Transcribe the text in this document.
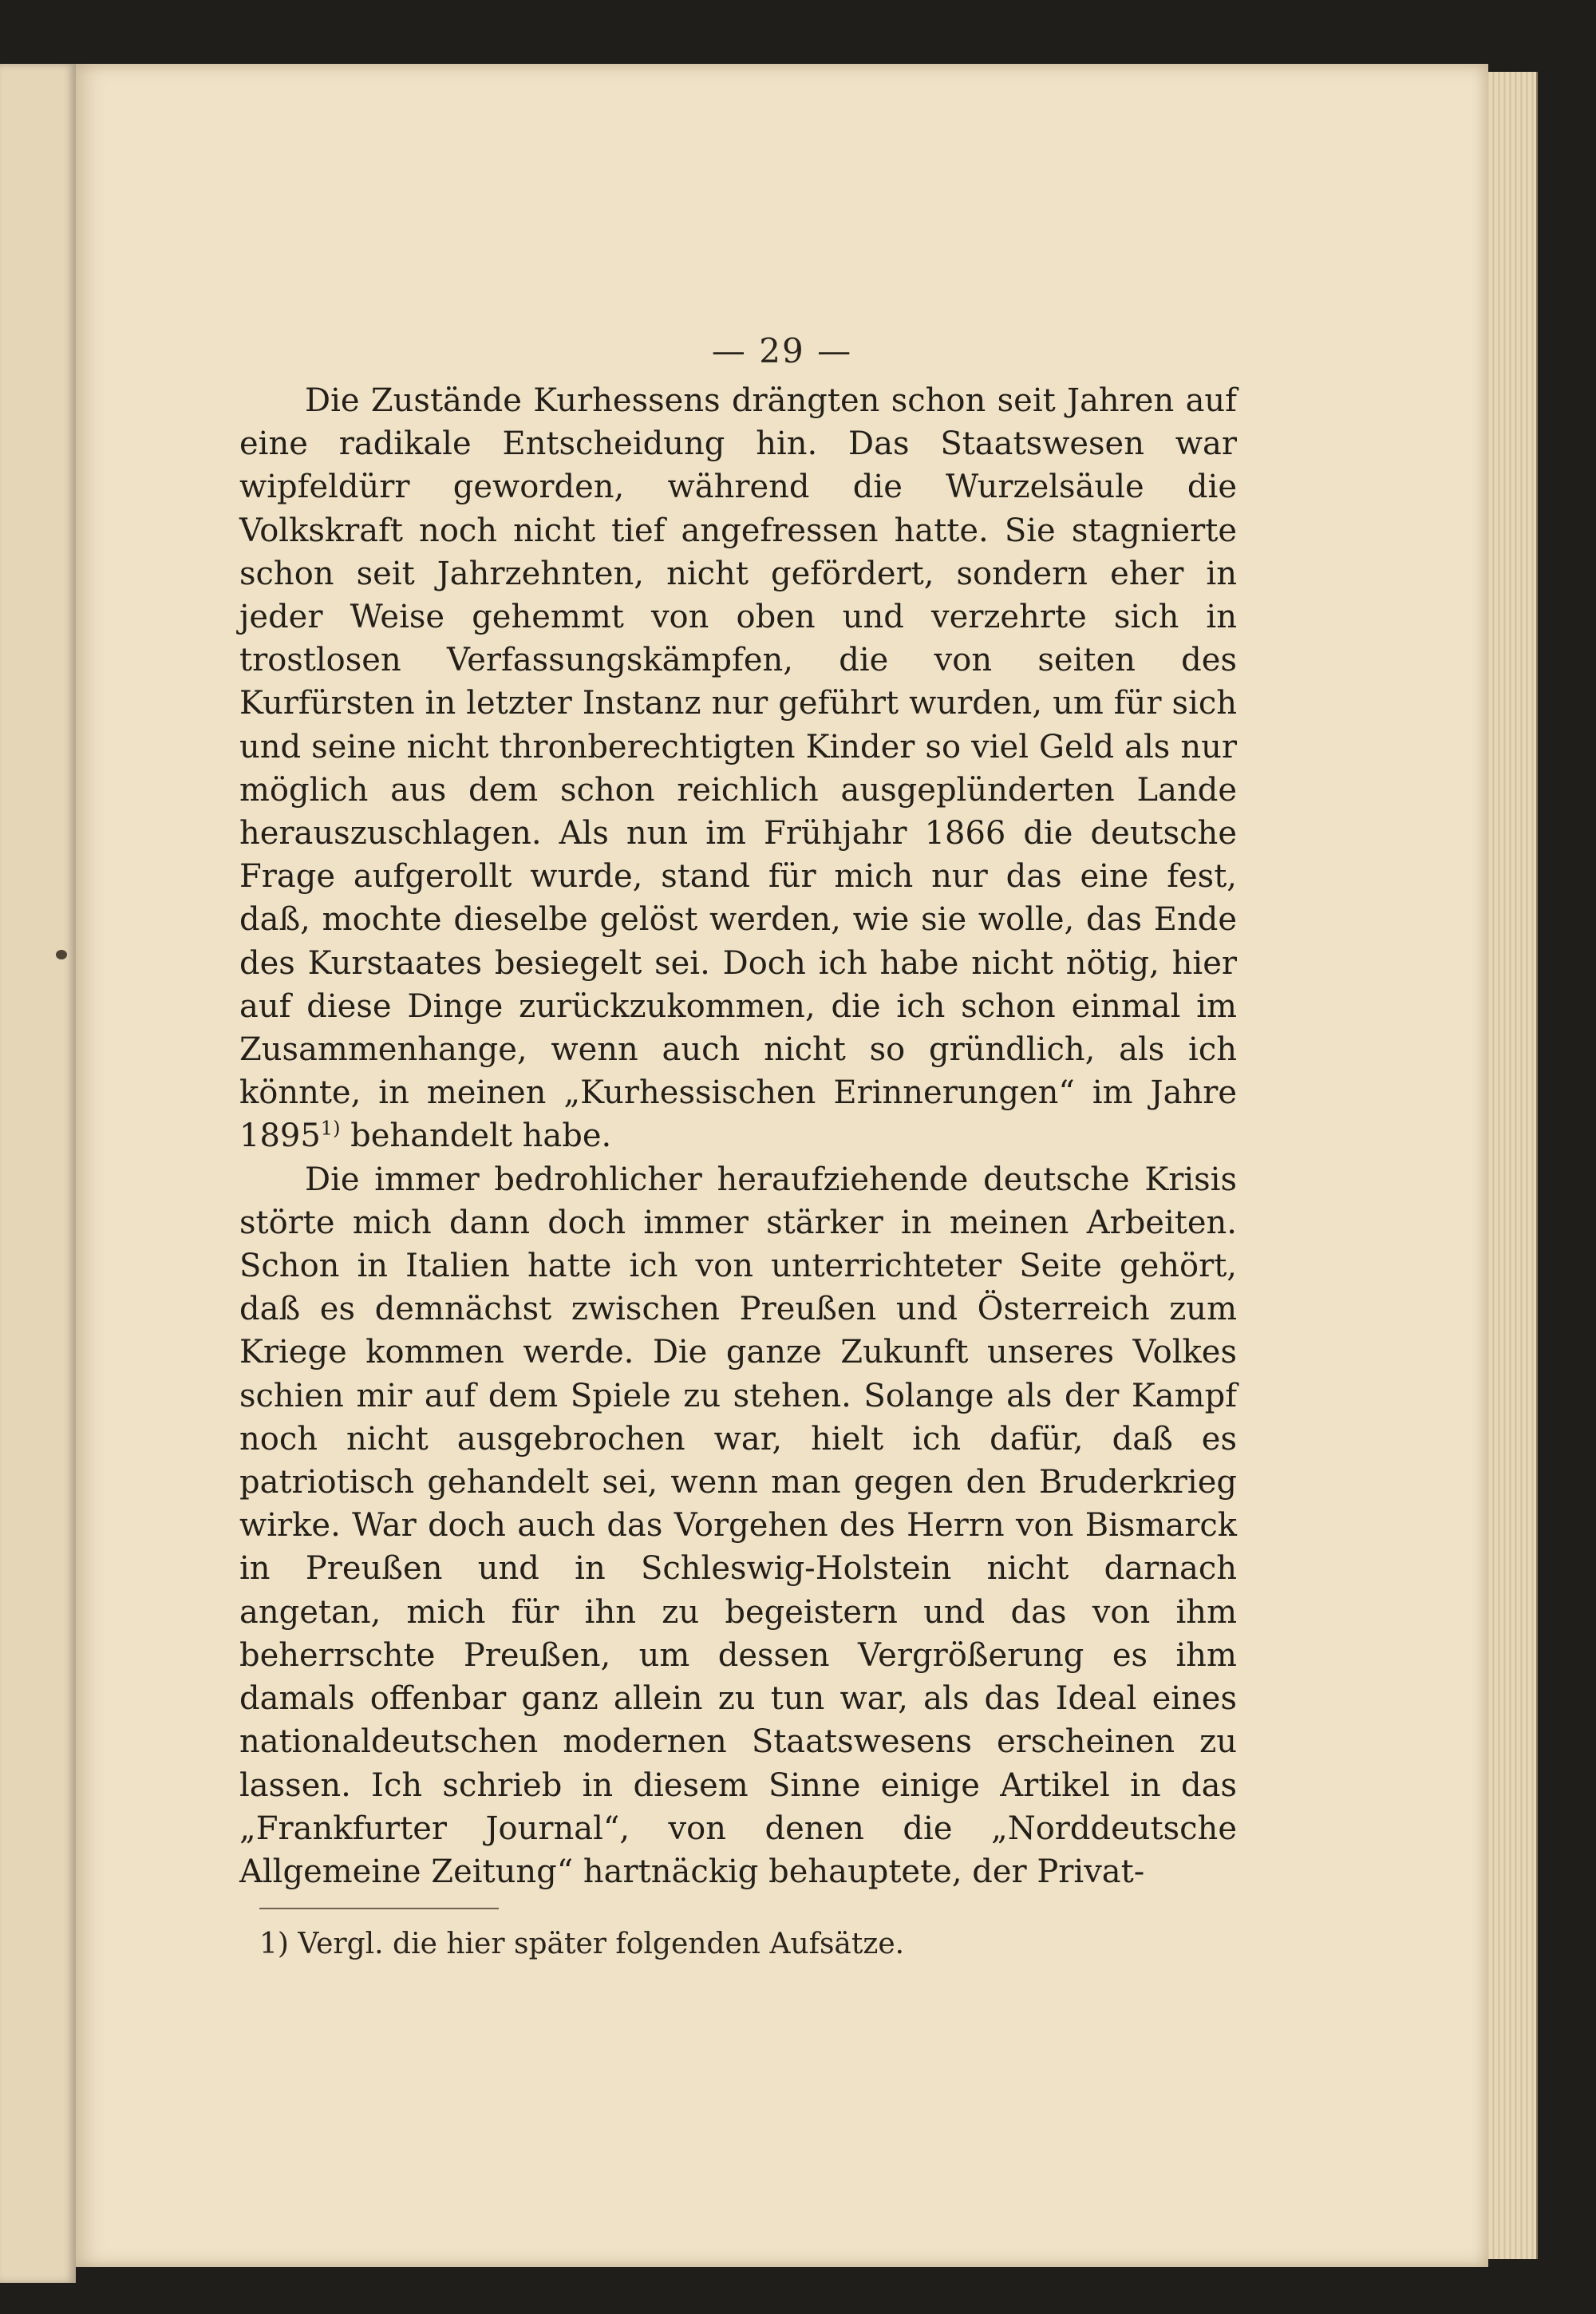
— 29 —

Die Zustände Kurhessens drängten schon seit Jahren auf eine radikale Entscheidung hin. Das Staatswesen war wipfeldürr geworden, während die Wurzelsäule die Volkskraft noch nicht tief angefressen hatte. Sie stagnierte schon seit Jahrzehnten, nicht gefördert, sondern eher in jeder Weise gehemmt von oben und verzehrte sich in trostlosen Verfassungskämpfen, die von seiten des Kurfürsten in letzter Instanz nur geführt wurden, um für sich und seine nicht thronberechtigten Kinder so viel Geld als nur möglich aus dem schon reichlich ausgeplünderten Lande herauszuschlagen. Als nun im Frühjahr 1866 die deutsche Frage aufgerollt wurde, stand für mich nur das eine fest, daß, mochte dieselbe gelöst werden, wie sie wolle, das Ende des Kurstaates besiegelt sei. Doch ich habe nicht nötig, hier auf diese Dinge zurückzukommen, die ich schon einmal im Zusammenhange, wenn auch nicht so gründlich, als ich könnte, in meinen „Kurhessischen Erinnerungen“ im Jahre 1895$^{1)}$ behandelt habe.

Die immer bedrohlicher heraufziehende deutsche Krisis störte mich dann doch immer stärker in meinen Arbeiten. Schon in Italien hatte ich von unterrichteter Seite gehört, daß es demnächst zwischen Preußen und Österreich zum Kriege kommen werde. Die ganze Zukunft unseres Volkes schien mir auf dem Spiele zu stehen. Solange als der Kampf noch nicht ausgebrochen war, hielt ich dafür, daß es patriotisch gehandelt sei, wenn man gegen den Bruderkrieg wirke. War doch auch das Vorgehen des Herrn von Bismarck in Preußen und in Schleswig-Holstein nicht darnach angetan, mich für ihn zu begeistern und das von ihm beherrschte Preußen, um dessen Vergrößerung es ihm damals offenbar ganz allein zu tun war, als das Ideal eines nationaldeutschen modernen Staatswesens erscheinen zu lassen. Ich schrieb in diesem Sinne einige Artikel in das „Frankfurter Journal“, von denen die „Norddeutsche Allgemeine Zeitung“ hartnäckig behauptete, der Privat-

1) Vergl. die hier später folgenden Aufsätze.
